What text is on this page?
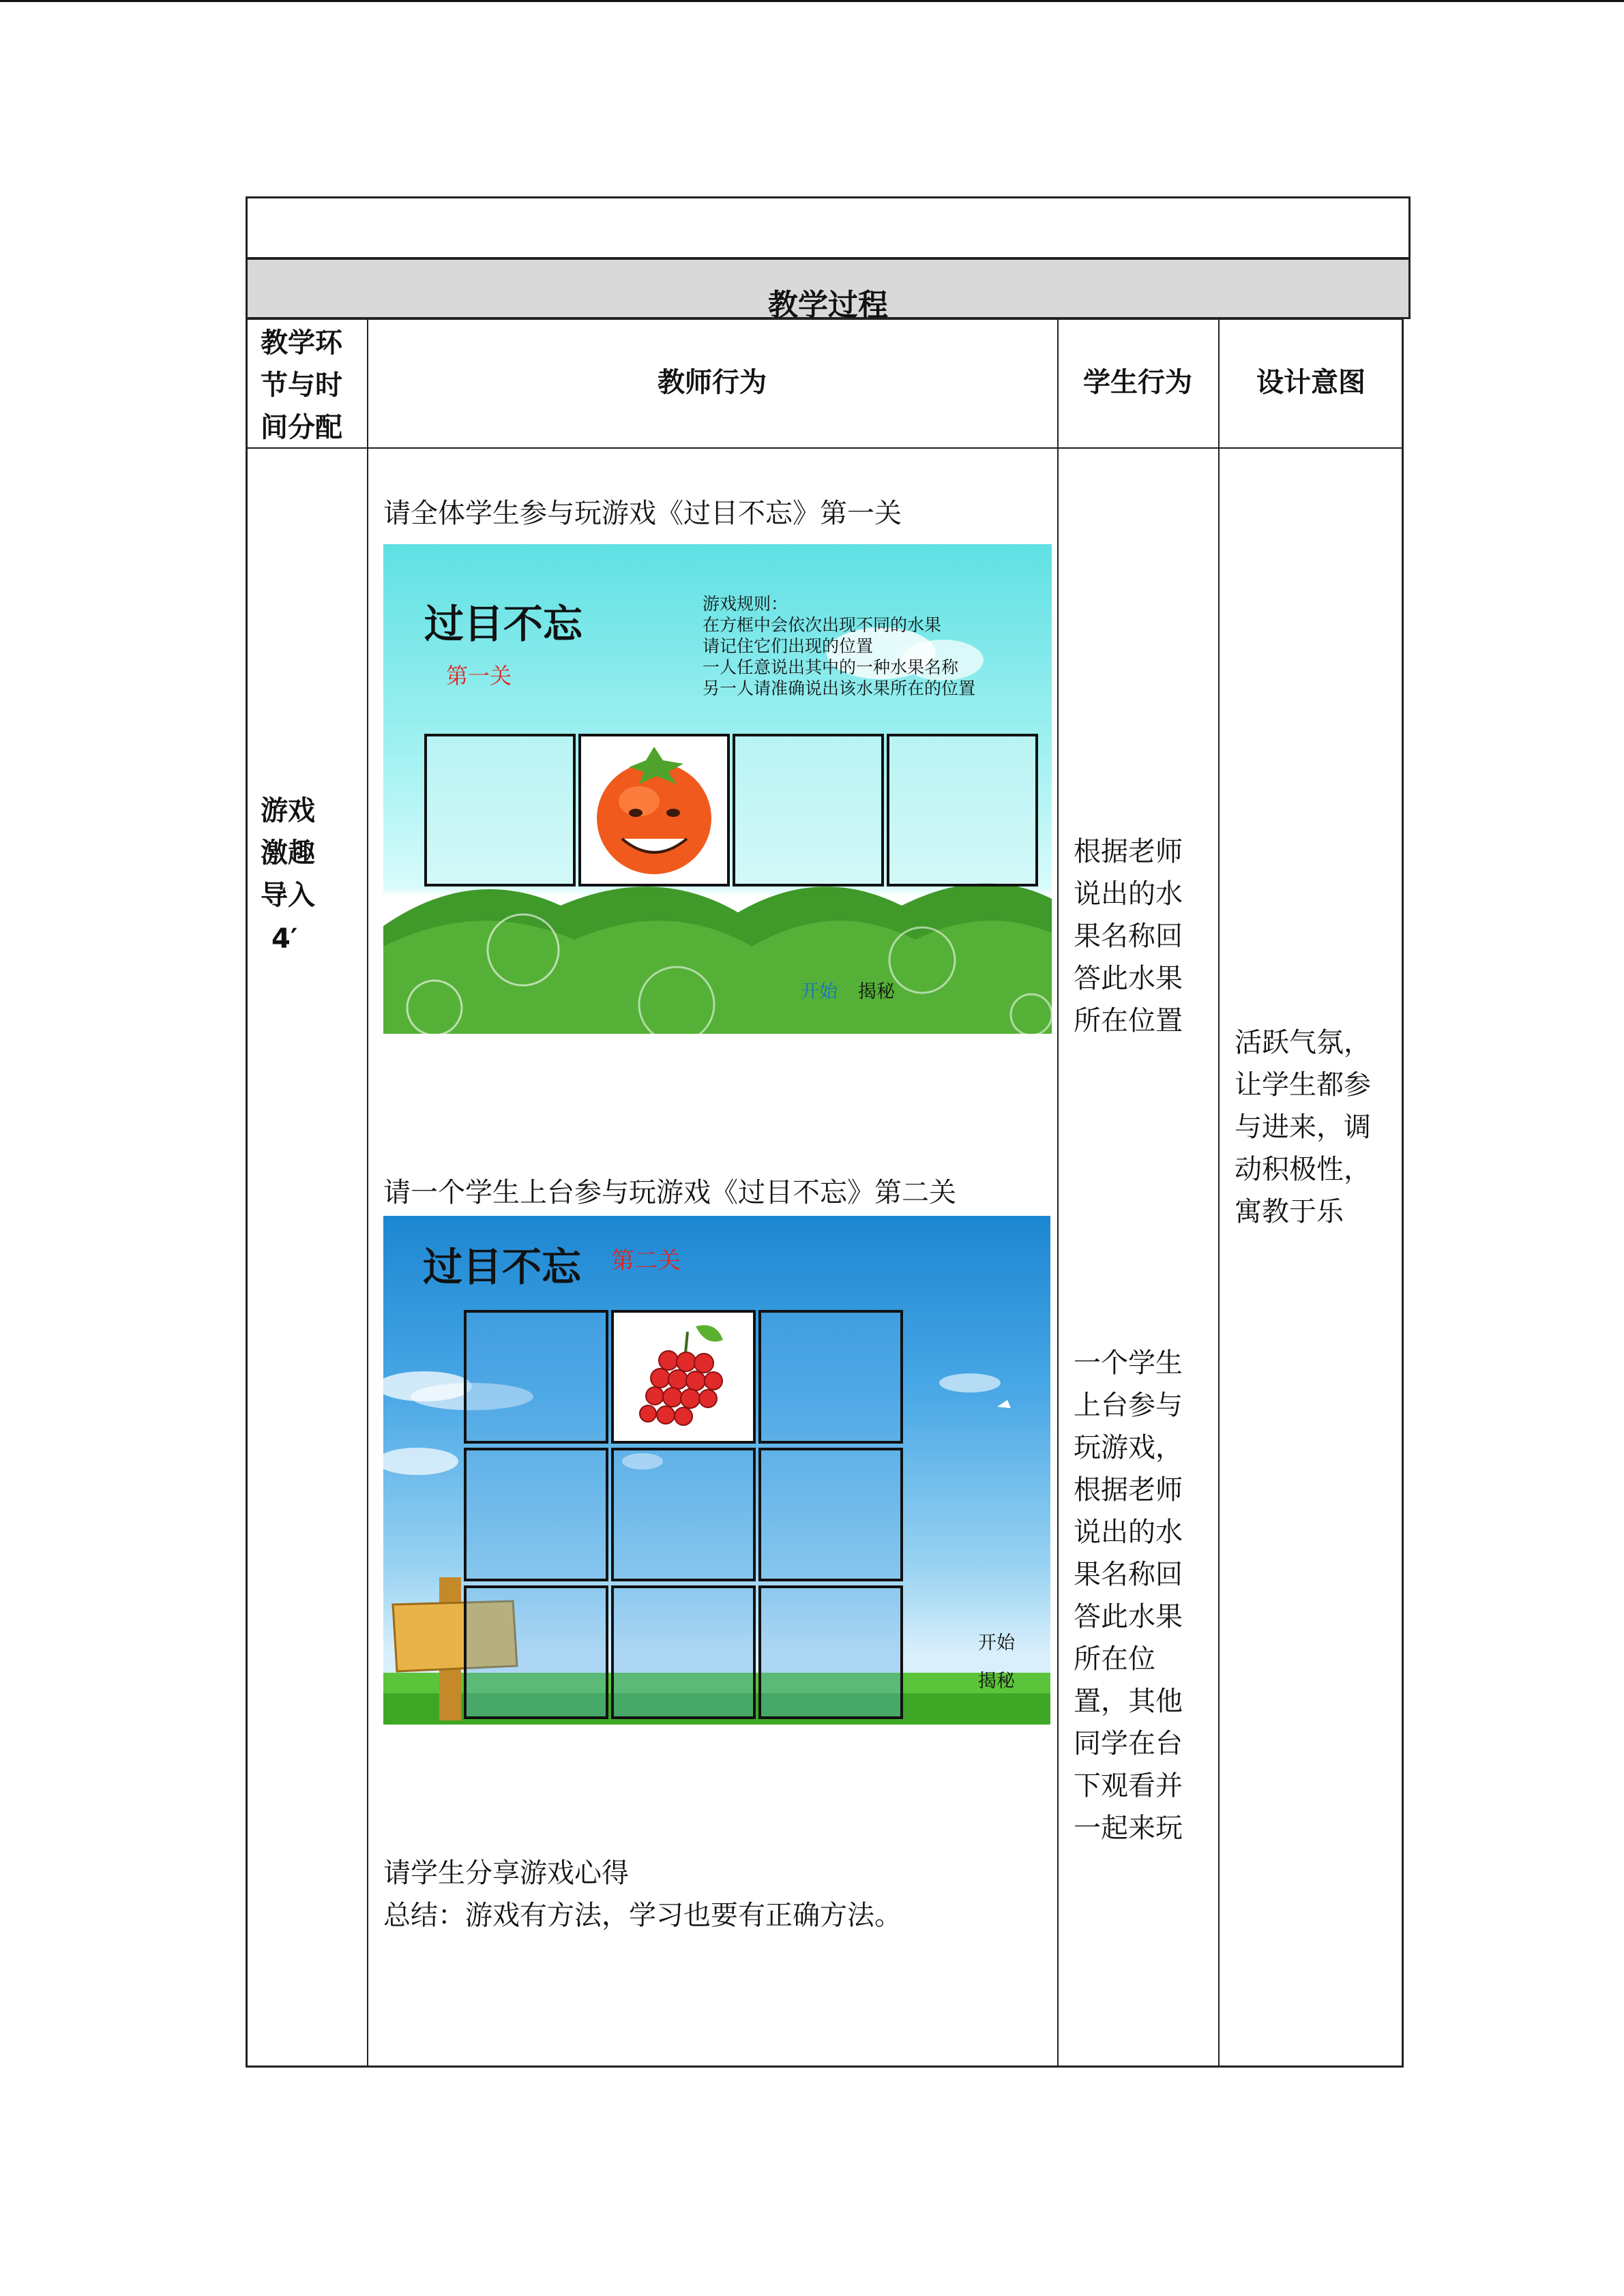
教学过程
教学环节与时间分配
教师行为	学生行为	设计意图
游戏激趣导入
4′
请全体学生参与玩游戏《过目不忘》第一关
过目不忘
第一关
游戏规则：
在方框中会依次出现不同的水果
请记住它们出现的位置
一人任意说出其中的一种水果名称
另一人请准确说出该水果所在的位置
开始 揭秘
请一个学生上台参与玩游戏《过目不忘》第二关
过目不忘 第二关
开始
揭秘
请学生分享游戏心得
总结：游戏有方法，学习也要有正确方法。
根据老师说出的水果名称回答此水果所在位置
一个学生上台参与玩游戏，根据老师说出的水果名称回答此水果所在位置，其他同学在台下观看并一起来玩
活跃气氛，让学生都参与进来，调动积极性，寓教于乐
